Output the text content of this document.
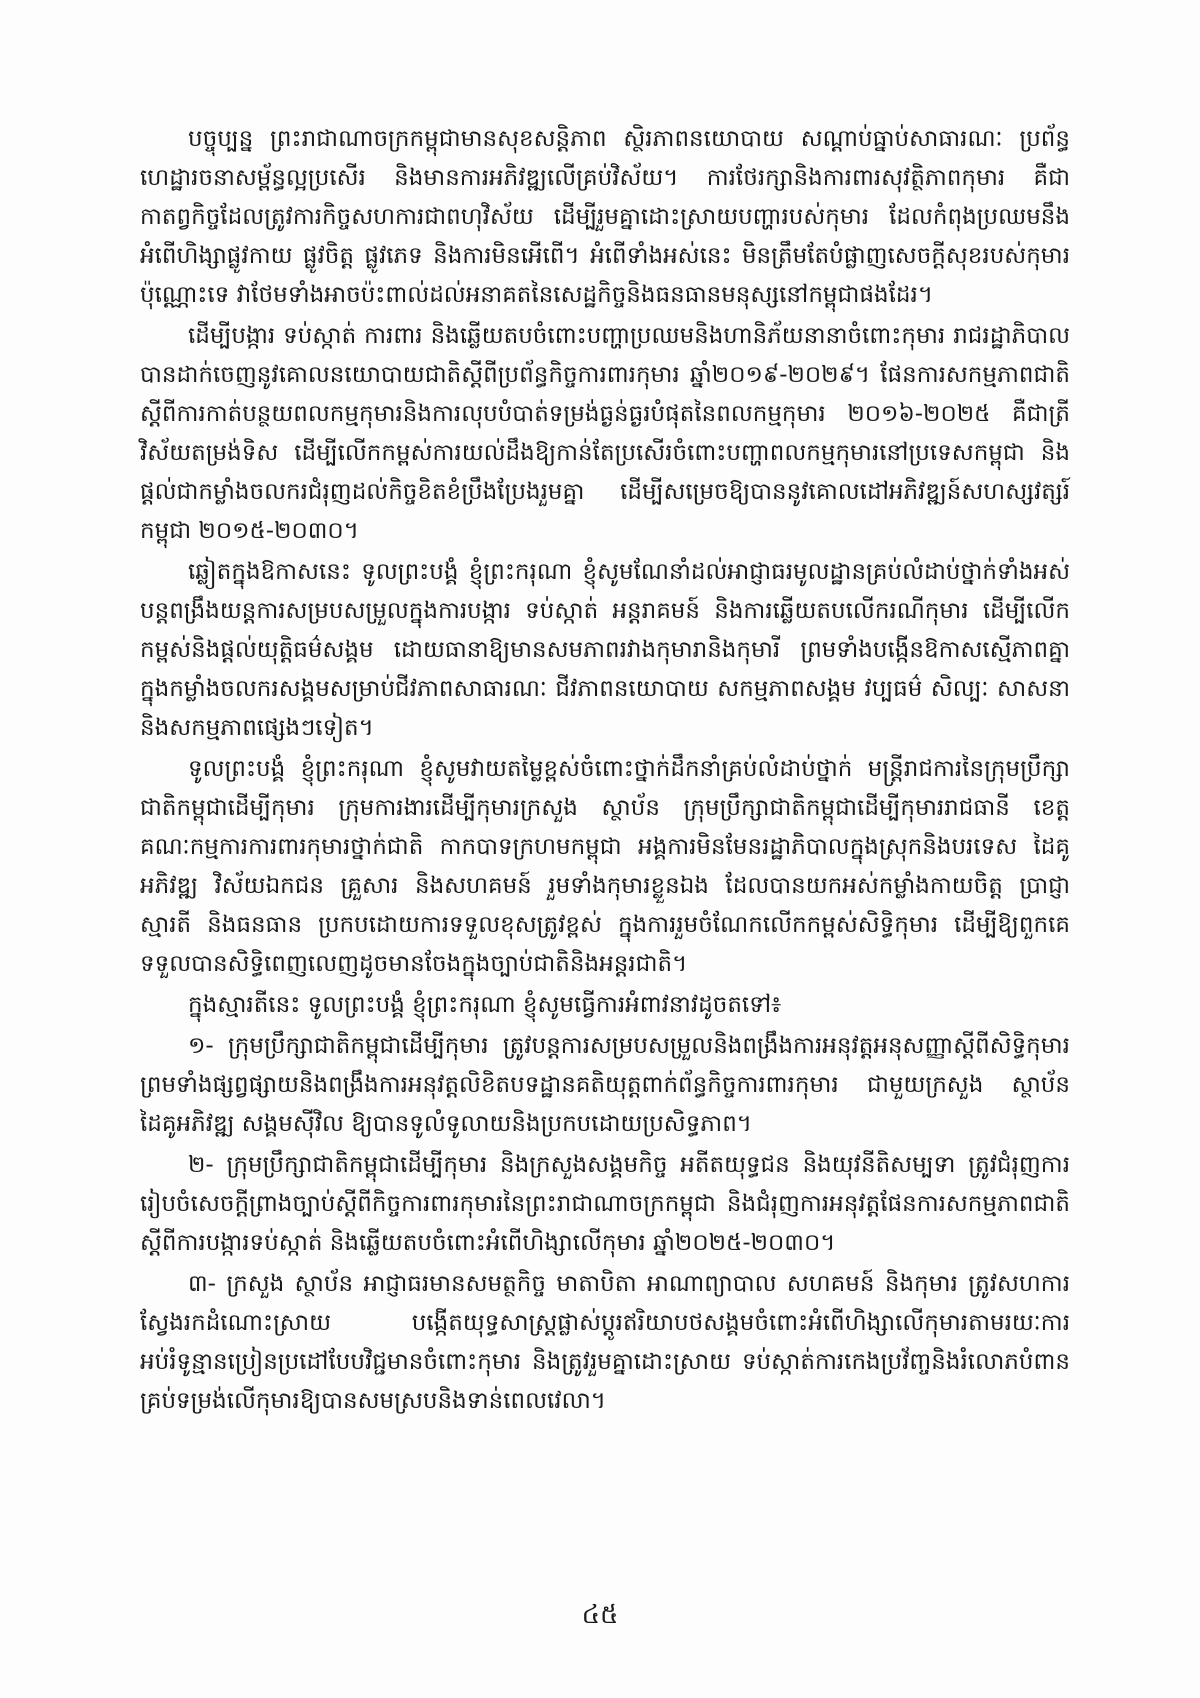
បច្ចុប្បន្ន ព្រះរាជាណាចក្រកម្ពុជាមានសុខសន្តិភាព ស្ថិរភាពនយោបាយ សណ្តាប់ធ្នាប់សាធារណៈ ប្រព័ន្ធហេដ្ឋារចនាសម្ព័ន្ធល្អប្រសើរ និងមានការអភិវឌ្ឍលើគ្រប់វិស័យ។ ការថែរក្សានិងការពារសុវត្ថិភាពកុមារ គឺជាកាតព្វកិច្ចដែលត្រូវការកិច្ចសហការជាពហុវិស័យ ដើម្បីរួមគ្នាដោះស្រាយបញ្ហារបស់កុមារ ដែលកំពុងប្រឈមនឹងអំពើហិង្សាផ្លូវកាយ ផ្លូវចិត្ត ផ្លូវភេទ និងការមិនអើពើ។ អំពើទាំងអស់នេះ មិនត្រឹមតែបំផ្លាញសេចក្តីសុខរបស់កុមារប៉ុណ្ណោះទេ វាថែមទាំងអាចប៉ះពាល់ដល់អនាគតនៃសេដ្ឋកិច្ចនិងធនធានមនុស្សនៅកម្ពុជាផងដែរ។

ដើម្បីបង្ការ ទប់ស្កាត់ ការពារ និងឆ្លើយតបចំពោះបញ្ហាប្រឈមនិងហានិភ័យនានាចំពោះកុមារ រាជរដ្ឋាភិបាលបានដាក់ចេញនូវគោលនយោបាយជាតិស្តីពីប្រព័ន្ធកិច្ចការពារកុមារ ឆ្នាំ២០១៩-២០២៩។ ផែនការសកម្មភាពជាតិស្តីពីការកាត់បន្ថយពលកម្មកុមារនិងការលុបបំបាត់ទម្រង់ធ្ងន់ធ្ងរបំផុតនៃពលកម្មកុមារ ២០១៦-២០២៥ គឺជាត្រីវិស័យតម្រង់ទិស ដើម្បីលើកកម្ពស់ការយល់ដឹងឱ្យកាន់តែប្រសើរចំពោះបញ្ហាពលកម្មកុមារនៅប្រទេសកម្ពុជា និងផ្តល់ជាកម្លាំងចលករជំរុញដល់កិច្ចខិតខំប្រឹងប្រែងរួមគ្នា ដើម្បីសម្រេចឱ្យបាននូវគោលដៅអភិវឌ្ឍន៍សហស្សវត្សរ៍កម្ពុជា ២០១៥-២០៣០។

ឆ្លៀតក្នុងឱកាសនេះ ទូលព្រះបង្គំ ខ្ញុំព្រះករុណា ខ្ញុំសូមណែនាំដល់អាជ្ញាធរមូលដ្ឋានគ្រប់លំដាប់ថ្នាក់ទាំងអស់ បន្តពង្រឹងយន្តការសម្របសម្រួលក្នុងការបង្ការ ទប់ស្កាត់ អន្តរាគមន៍ និងការឆ្លើយតបលើករណីកុមារ ដើម្បីលើកកម្ពស់និងផ្តល់យុត្តិធម៌សង្គម ដោយធានាឱ្យមានសមភាពរវាងកុមារានិងកុមារី ព្រមទាំងបង្កើនឱកាសស្មើភាពគ្នាក្នុងកម្លាំងចលករសង្គមសម្រាប់ជីវភាពសាធារណៈ ជីវភាពនយោបាយ សកម្មភាពសង្គម វប្បធម៌ សិល្បៈ សាសនា និងសកម្មភាពផ្សេងៗទៀត។

ទូលព្រះបង្គំ ខ្ញុំព្រះករុណា ខ្ញុំសូមវាយតម្លៃខ្ពស់ចំពោះថ្នាក់ដឹកនាំគ្រប់លំដាប់ថ្នាក់ មន្ត្រីរាជការនៃក្រុមប្រឹក្សាជាតិកម្ពុជាដើម្បីកុមារ ក្រុមការងារដើម្បីកុមារក្រសួង ស្ថាប័ន ក្រុមប្រឹក្សាជាតិកម្ពុជាដើម្បីកុមាររាជធានី ខេត្ត គណៈកម្មការការពារកុមារថ្នាក់ជាតិ កាកបាទក្រហមកម្ពុជា អង្គការមិនមែនរដ្ឋាភិបាលក្នុងស្រុកនិងបរទេស ដៃគូអភិវឌ្ឍ វិស័យឯកជន គ្រួសារ និងសហគមន៍ រួមទាំងកុមារខ្លួនឯង ដែលបានយកអស់កម្លាំងកាយចិត្ត ប្រាជ្ញា ស្មារតី និងធនធាន ប្រកបដោយការទទួលខុសត្រូវខ្ពស់ ក្នុងការរួមចំណែកលើកកម្ពស់សិទ្ធិកុមារ ដើម្បីឱ្យពួកគេទទួលបានសិទ្ធិពេញលេញដូចមានចែងក្នុងច្បាប់ជាតិនិងអន្តរជាតិ។

ក្នុងស្មារតីនេះ ទូលព្រះបង្គំ ខ្ញុំព្រះករុណា ខ្ញុំសូមធ្វើការអំពាវនាវដូចតទៅ៖

១- ក្រុមប្រឹក្សាជាតិកម្ពុជាដើម្បីកុមារ ត្រូវបន្តការសម្របសម្រួលនិងពង្រឹងការអនុវត្តអនុសញ្ញាស្តីពីសិទ្ធិកុមារ ព្រមទាំងផ្សព្វផ្សាយនិងពង្រឹងការអនុវត្តលិខិតបទដ្ឋានគតិយុត្តពាក់ព័ន្ធកិច្ចការពារកុមារ ជាមួយក្រសួង ស្ថាប័ន ដៃគូអភិវឌ្ឍ សង្គមស៊ីវិល ឱ្យបានទូលំទូលាយនិងប្រកបដោយប្រសិទ្ធភាព។

២- ក្រុមប្រឹក្សាជាតិកម្ពុជាដើម្បីកុមារ និងក្រសួងសង្គមកិច្ច អតីតយុទ្ធជន និងយុវនីតិសម្បទា ត្រូវជំរុញការរៀបចំសេចក្តីព្រាងច្បាប់ស្តីពីកិច្ចការពារកុមារនៃព្រះរាជាណាចក្រកម្ពុជា និងជំរុញការអនុវត្តផែនការសកម្មភាពជាតិស្តីពីការបង្ការទប់ស្កាត់ និងឆ្លើយតបចំពោះអំពើហិង្សាលើកុមារ ឆ្នាំ២០២៥-២០៣០។

៣- ក្រសួង ស្ថាប័ន អាជ្ញាធរមានសមត្ថកិច្ច មាតាបិតា អាណាព្យាបាល សហគមន៍ និងកុមារ ត្រូវសហការស្វែងរកដំណោះស្រាយ បង្កើតយុទ្ធសាស្ត្រផ្លាស់ប្តូរឥរិយាបថសង្គមចំពោះអំពើហិង្សាលើកុមារតាមរយៈការអប់រំទូន្មានប្រៀនប្រដៅបែបវិជ្ជមានចំពោះកុមារ និងត្រូវរួមគ្នាដោះស្រាយ ទប់ស្កាត់ការកេងប្រវ័ញ្ចនិងរំលោភបំពានគ្រប់ទម្រង់លើកុមារឱ្យបានសមស្របនិងទាន់ពេលវេលា។

៤៥
